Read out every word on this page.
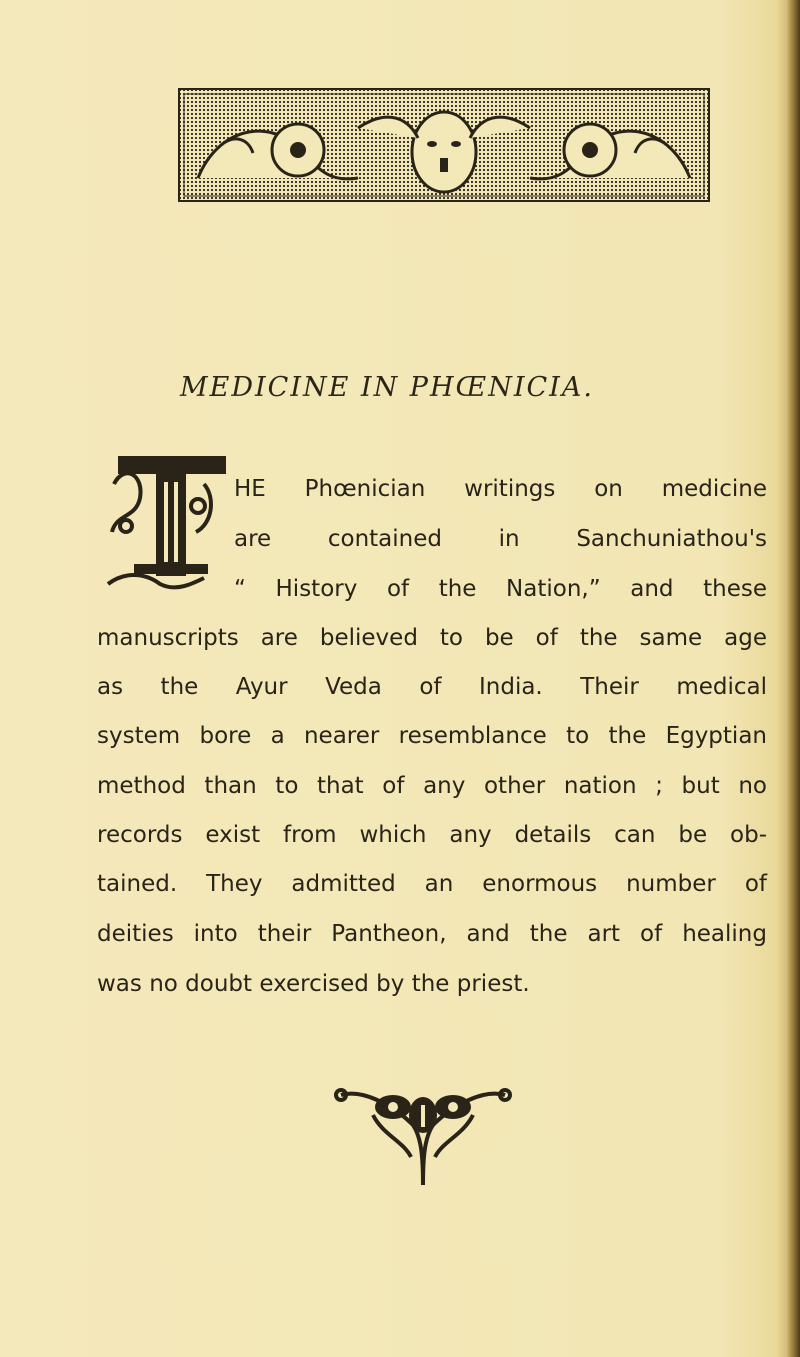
MEDICINE IN PHŒNICIA.
HE Phœnician writings on medicine
are contained in Sanchuniathou's
“ History of the Nation,” and these
manuscripts are believed to be of the same age
as the Ayur Veda of India. Their medical
system bore a nearer resemblance to the Egyptian
method than to that of any other nation ; but no
records exist from which any details can be ob-
tained. They admitted an enormous number of
deities into their Pantheon, and the art of healing
was no doubt exercised by the priest.
